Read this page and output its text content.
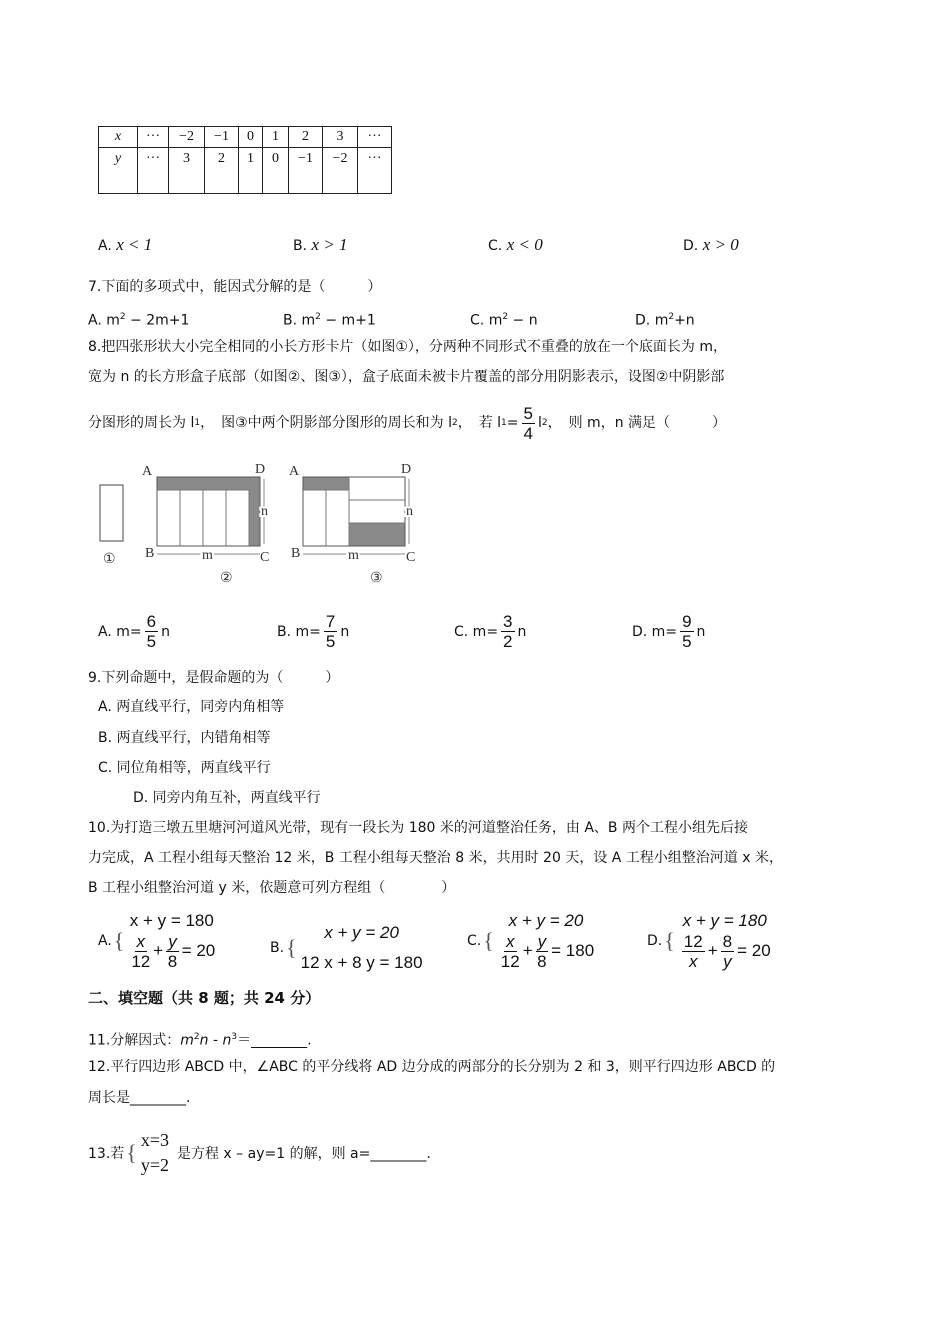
x	···	−2	−1	0	1	2	3	···
y	···	3	2	1	0	−1	−2	···
A. x < 1	B. x > 1	C. x < 0	D. x > 0
7.下面的多项式中，能因式分解的是（　　　）
A. $m^2 - 2m+1$	B. $m^2 - m+1$	C. $m^2 - n$	D. $m^2+n$
8.把四张形状大小完全相同的小长方形卡片（如图①），分两种不同形式不重叠的放在一个底面长为 m，
宽为 n 的长方形盒子底部（如图②、图③），盒子底面未被卡片覆盖的部分用阴影表示，设图②中阴影部
分图形的周长为 l 1 ，　图③中两个阴影部分图形的周长和为 l 2 ，　若 l $1 = \frac{5}{4}$ l 2 ，　则 m，n 满足（　　　）
①
A	D
B	C
m
n
②
A	D
B	C
m
n
③
A. $m= \frac{6}{5}$ n	B. $m= \frac{7}{5}$ n	C. $m= \frac{3}{2}$ n	D. $m= \frac{9}{5}$ n
9.下列命题中，是假命题的为（　　　）
A. 两直线平行，同旁内角相等
B. 两直线平行，内错角相等
C. 同位角相等，两直线平行
D. 同旁内角互补，两直线平行
10.为打造三墩五里塘河河道风光带，现有一段长为 180 米的河道整治任务，由 A、B 两个工程小组先后接
力完成，A 工程小组每天整治 12 米，B 工程小组每天整治 8 米，共用时 20 天，设 A 工程小组整治河道 x 米，
B 工程小组整治河道 y 米，依题意可列方程组（　　　　）
A. {
x + y = 180
$\frac{x}{12} + \frac{y}{8} = 20$	B. {
x + y = 20
12 x + 8 y = 180
C. {
x + y = 20
$\frac{x}{12} + \frac{y}{8} = 180$
D. {
x + y = 180
$\frac{12}{x} + \frac{8}{y} = 20$
二、填空题（共 8 题；共 24 分）
11.分解因式：$m^2n$ - $n^3=\_\_\_\_\_\_\_\_$.
12.平行四边形 ABCD 中，∠ABC 的平分线将 AD 边分成的两部分的长分别为 2 和 3，则平行四边形 ABCD 的
周长是________.
13.若 { x=3
y=2
是方程 x – ay=1 的解，则 a=________.
